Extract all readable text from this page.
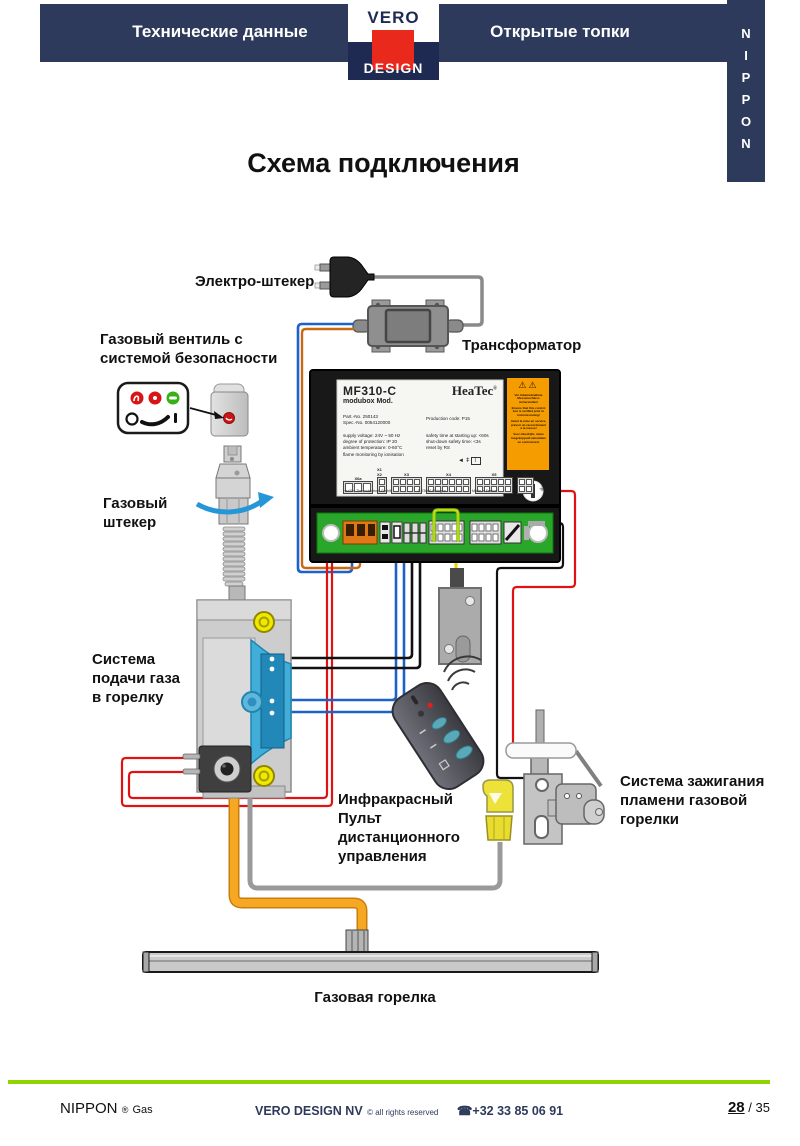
Технические данные	Открытые топки
VERO
DESIGN
N
I
P
P
O
N
Схема подключения
Электро-штекер
Трансформатор
Газовый вентиль с
системой безопасности
Газовый
штекер
Система
подачи газа
в горелку
Инфракрасный
Пульт
дистанционного
управления
Система зажигания
пламени газовой
горелки
Газовая горелка
MF310-C
modubox Mod.
HeaTec®
Part.-No. 250143
Spec.-No. 0054120000
Production code: P15
supply voltage: 24V ~ 50 Hz
degree of protection: IP 20
ambient temperature: 0-60°C
flame monitoring by ionisation
safety time at starting up: <60s
shut-down safety time: <3s
reset by RS
◄ǂ I
X6a
X1 X2	X3	X4	X5	X6
⏚
HeaTec Thermotechnik GmbH	D-73066 Uhingen	Made in France
⚠⚠

Vor Inbetriebnahme Messanschluss sicherstellen!

Ensure that this control box is verified prior to commissioning!

Avant la mise en service, prévoir un raccordement à la masse!

Voor inbedrijfs- name losgekoppeld aansluiten en controleren!

NIPPON ® Gas	VERO DESIGN NV © all rights reserved ☎+32 33 85 06 91	28 / 35
